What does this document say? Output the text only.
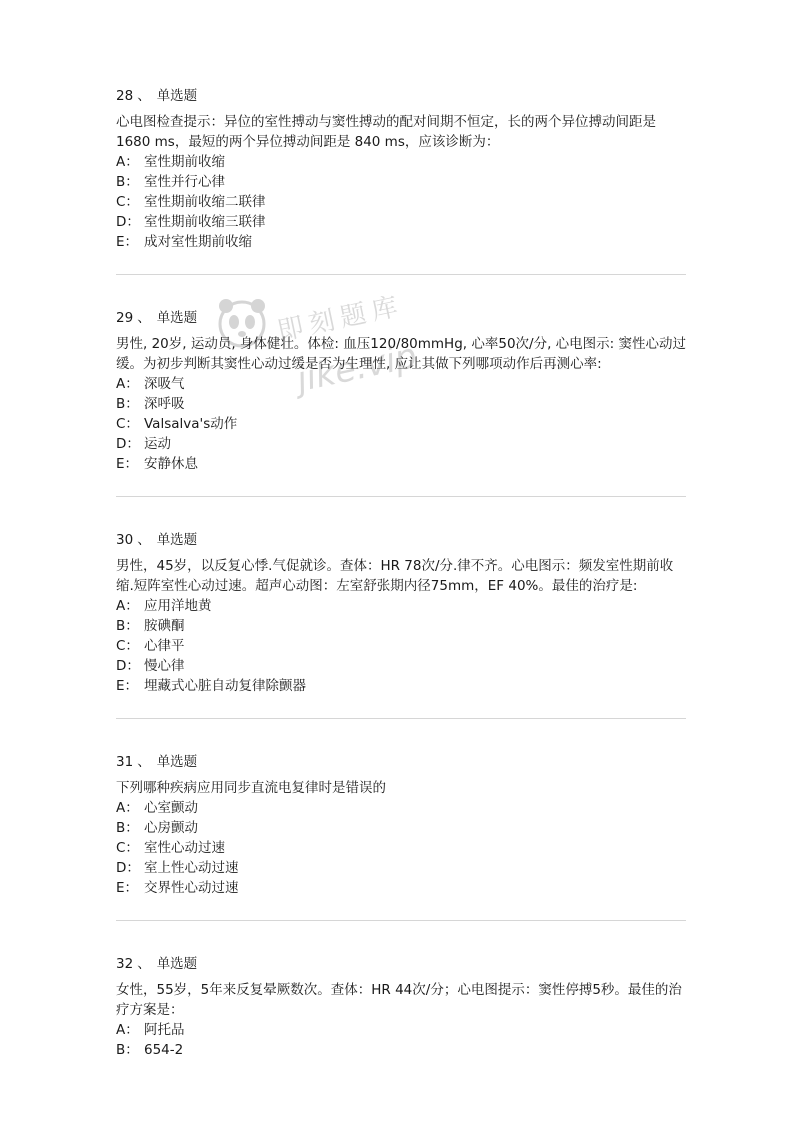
即刻题库
jike.vip
28 、 单选题

心电图检查提示：异位的室性搏动与窦性搏动的配对间期不恒定，长的两个异位搏动间距是1680 ms，最短的两个异位搏动间距是 840 ms，应该诊断为：

A： 室性期前收缩
B： 室性并行心律
C： 室性期前收缩二联律
D： 室性期前收缩三联律
E： 成对室性期前收缩
29 、 单选题

男性, 20岁, 运动员, 身体健壮。体检: 血压120/80mmHg, 心率50次/分, 心电图示: 窦性心动过缓。为初步判断其窦性心动过缓是否为生理性, 应让其做下列哪项动作后再测心率:

A： 深吸气
B： 深呼吸
C： Valsalva's动作
D： 运动
E： 安静休息
30 、 单选题

男性，45岁，以反复心悸.气促就诊。查体：HR 78次/分.律不齐。心电图示：频发室性期前收缩.短阵室性心动过速。超声心动图：左室舒张期内径75mm，EF 40%。最佳的治疗是:

A： 应用洋地黄
B： 胺碘酮
C： 心律平
D： 慢心律
E： 埋藏式心脏自动复律除颤器
31 、 单选题

下列哪种疾病应用同步直流电复律时是错误的

A： 心室颤动
B： 心房颤动
C： 室性心动过速
D： 室上性心动过速
E： 交界性心动过速
32 、 单选题

女性，55岁，5年来反复晕厥数次。查体：HR 44次/分；心电图提示：窦性停搏5秒。最佳的治疗方案是：

A： 阿托品
B： 654-2
